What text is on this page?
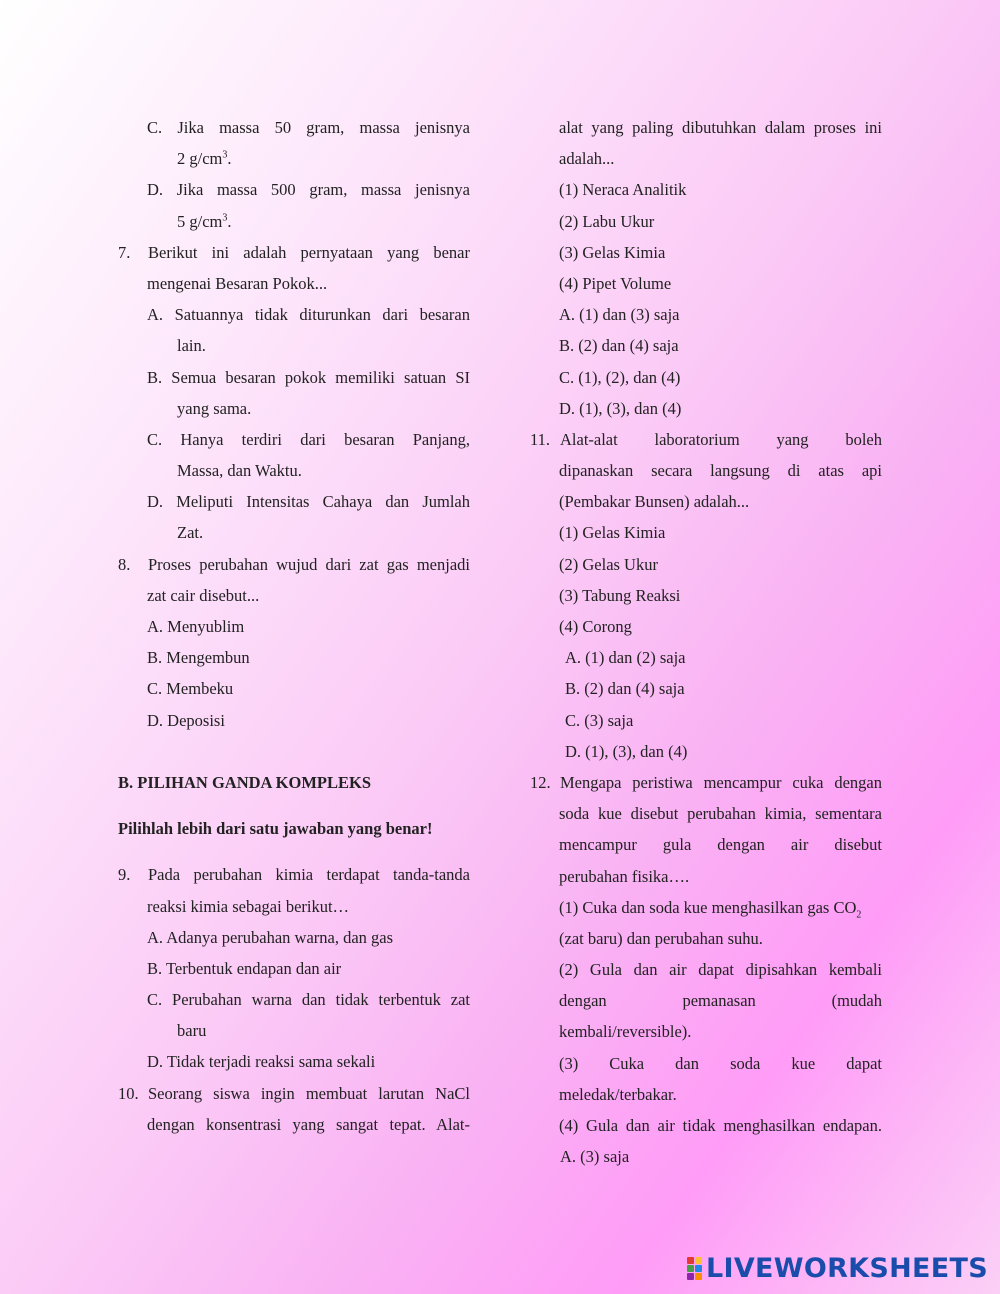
C. Jika massa 50 gram, massa jenisnya
2 $g/cm^3$.
D. Jika massa 500 gram, massa jenisnya
5 $g/cm^3$.
7.	Berikut ini adalah pernyataan yang benar
mengenai Besaran Pokok...
A. Satuannya tidak diturunkan dari besaran
lain.
B. Semua besaran pokok memiliki satuan SI
yang sama.
C. Hanya terdiri dari besaran Panjang,
Massa, dan Waktu.
D. Meliputi Intensitas Cahaya dan Jumlah
Zat.
8.	Proses perubahan wujud dari zat gas menjadi
zat cair disebut...
A. Menyublim
B. Mengembun
C. Membeku
D. Deposisi
B. PILIHAN GANDA KOMPLEKS
Pilihlah lebih dari satu jawaban yang benar!
9.	Pada perubahan kimia terdapat tanda-tanda
reaksi kimia sebagai berikut…
A. Adanya perubahan warna, dan gas
B. Terbentuk endapan dan air
C. Perubahan warna dan tidak terbentuk zat
baru
D. Tidak terjadi reaksi sama sekali
10. Seorang siswa ingin membuat larutan NaCl
dengan konsentrasi yang sangat tepat. Alat-
alat yang paling dibutuhkan dalam proses ini
adalah...
(1) Neraca Analitik
(2) Labu Ukur
(3) Gelas Kimia
(4) Pipet Volume
A. (1) dan (3) saja
B. (2) dan (4) saja
C. (1), (2), dan (4)
D. (1), (3), dan (4)
11. Alat-alat laboratorium yang boleh
dipanaskan secara langsung di atas api
(Pembakar Bunsen) adalah...
(1) Gelas Kimia
(2) Gelas Ukur
(3) Tabung Reaksi
(4) Corong
A. (1) dan (2) saja
B. (2) dan (4) saja
C. (3) saja
D. (1), (3), dan (4)
12. Mengapa peristiwa mencampur cuka dengan
soda kue disebut perubahan kimia, sementara
mencampur gula dengan air disebut
perubahan fisika….
(1) Cuka dan soda kue menghasilkan gas $CO_2$
(zat baru) dan perubahan suhu.
(2) Gula dan air dapat dipisahkan kembali
dengan pemanasan (mudah
kembali/reversible).
(3) Cuka dan soda kue dapat
meledak/terbakar.
(4) Gula dan air tidak menghasilkan endapan.
A. (3) saja
LIVEWORKSHEETS
